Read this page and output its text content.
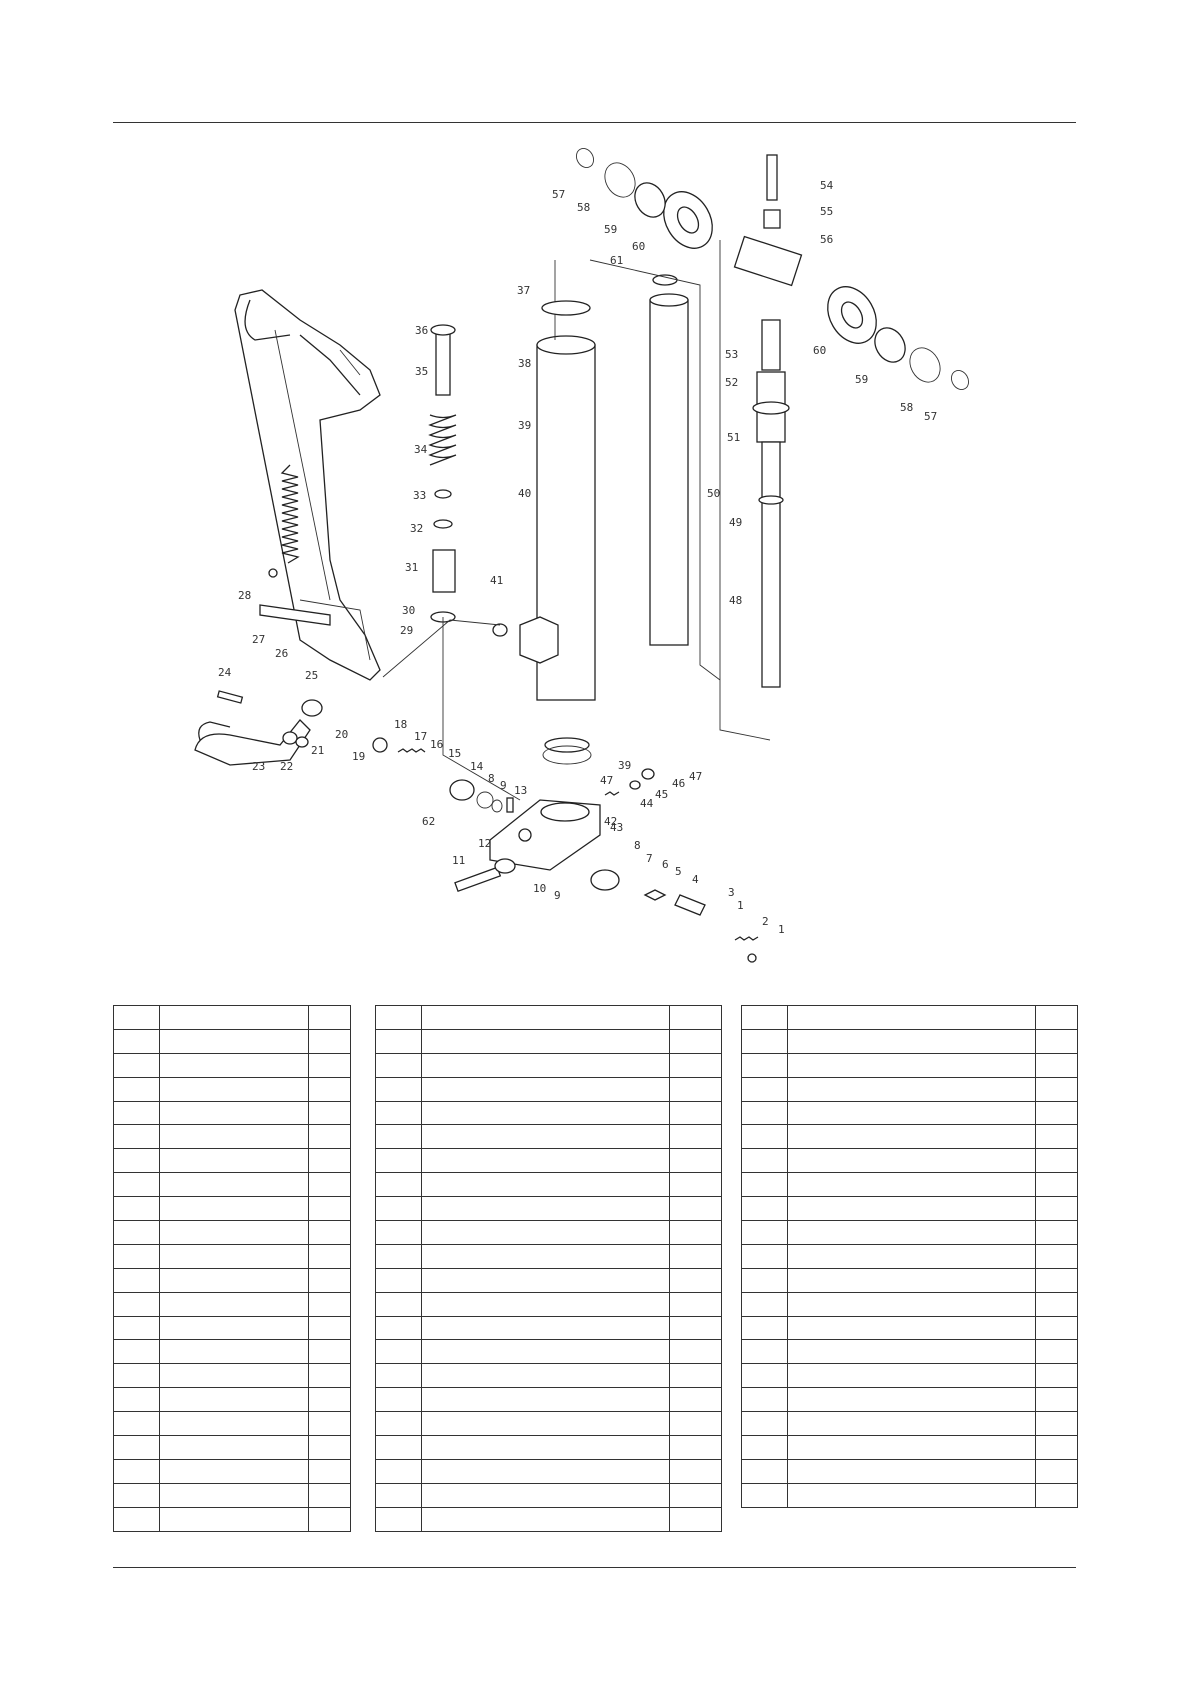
57
58
59
60
61
54
55
56
60
59
58
57
53
52
51
49
48
50
37
38
39
40
36
35
34
33
32
31
30
41
28
27
26
29
24	25
20
21
22
23
19
18
17
16
15
14
8
9 13
62
11
12
10
9
8
7 6
5
4
3
1
2
1
42
43
44
45
46
47
47
39
